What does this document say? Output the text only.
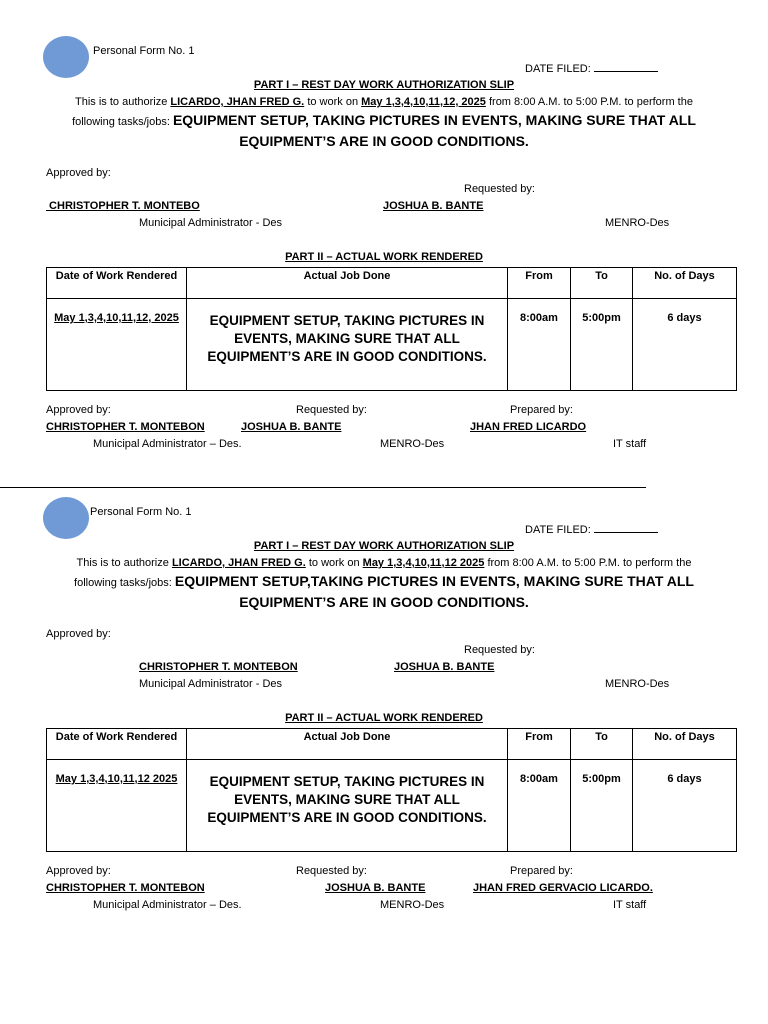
Personal Form No. 1
DATE FILED:
PART I – REST DAY WORK AUTHORIZATION SLIP
This is to authorize LICARDO, JHAN FRED G. to work on May 1,3,4,10,11,12, 2025 from 8:00 A.M. to 5:00 P.M. to perform the
following tasks/jobs: EQUIPMENT SETUP, TAKING PICTURES IN EVENTS, MAKING SURE THAT ALL
EQUIPMENT’S ARE IN GOOD CONDITIONS.
Approved by:
Requested by:
CHRISTOPHER T. MONTEBO	JOSHUA B. BANTE
Municipal Administrator - Des	MENRO-Des
PART II – ACTUAL WORK RENDERED
Date of Work Rendered	Actual Job Done	From	To	No. of Days
May 1,3,4,10,11,12, 2025	EQUIPMENT SETUP, TAKING PICTURES IN EVENTS, MAKING SURE THAT ALL EQUIPMENT’S ARE IN GOOD CONDITIONS.	8:00am	5:00pm	6 days
Approved by:	Requested by:	Prepared by:
CHRISTOPHER T. MONTEBON	JOSHUA B. BANTE	JHAN FRED LICARDO
Municipal Administrator – Des.	MENRO-Des	IT staff
Personal Form No. 1
DATE FILED:
PART I – REST DAY WORK AUTHORIZATION SLIP
This is to authorize LICARDO, JHAN FRED G. to work on May 1,3,4,10,11,12 2025 from 8:00 A.M. to 5:00 P.M. to perform the
following tasks/jobs: EQUIPMENT SETUP,TAKING PICTURES IN EVENTS, MAKING SURE THAT ALL
EQUIPMENT’S ARE IN GOOD CONDITIONS.
Approved by:
Requested by:
CHRISTOPHER T. MONTEBON	JOSHUA B. BANTE
Municipal Administrator - Des	MENRO-Des
PART II – ACTUAL WORK RENDERED
Date of Work Rendered	Actual Job Done	From	To	No. of Days
May 1,3,4,10,11,12 2025	EQUIPMENT SETUP, TAKING PICTURES IN EVENTS, MAKING SURE THAT ALL EQUIPMENT’S ARE IN GOOD CONDITIONS.	8:00am	5:00pm	6 days
Approved by:	Requested by:	Prepared by:
CHRISTOPHER T. MONTEBON	JOSHUA B. BANTE	JHAN FRED GERVACIO LICARDO.
Municipal Administrator – Des.	MENRO-Des	IT staff
